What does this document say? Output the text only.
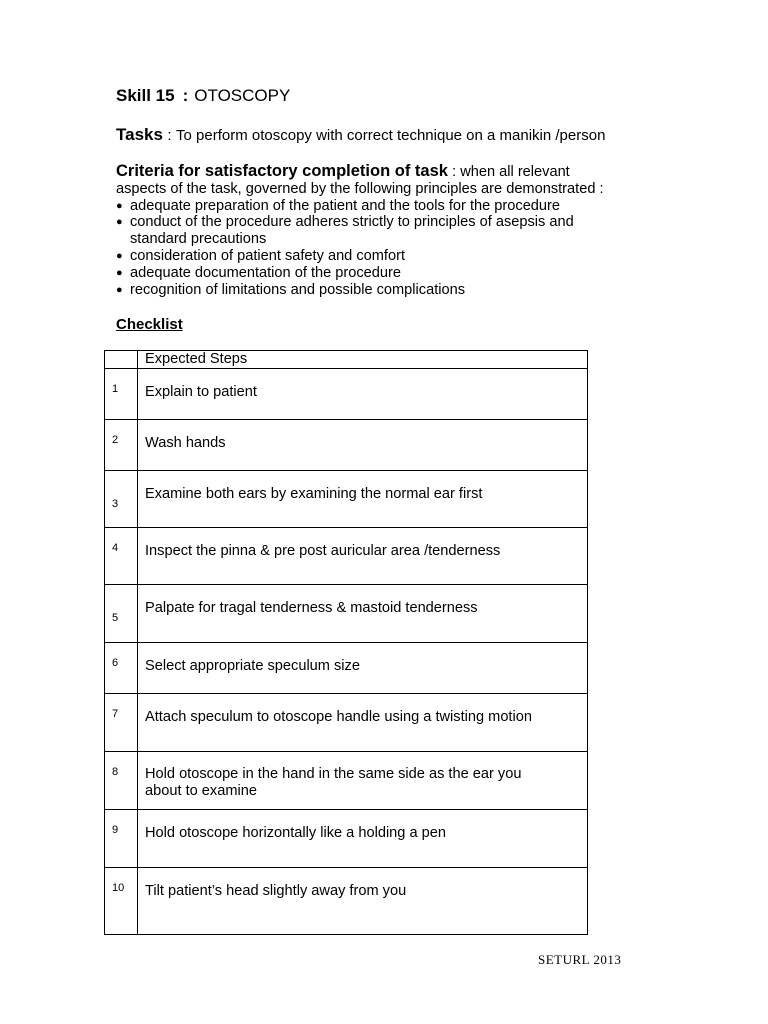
Skill 15 : OTOSCOPY
Tasks : To perform otoscopy with correct technique on a manikin /person
Criteria for satisfactory completion of task : when all relevant
aspects of the task, governed by the following principles are demonstrated :
● adequate preparation of the patient and the tools for the procedure
● conduct of the procedure adheres strictly to principles of asepsis and
standard precautions
● consideration of patient safety and comfort
● adequate documentation of the procedure
● recognition of limitations and possible complications
Checklist
	Expected Steps

1	Explain to patient

2	Wash hands

3	Examine both ears by examining the normal ear first

4	Inspect the pinna & pre post auricular area /tenderness

5	Palpate for tragal tenderness & mastoid tenderness

6	Select appropriate speculum size

7	Attach speculum to otoscope handle using a twisting motion

8	Hold otoscope in the hand in the same side as the ear you
about to examine

9	Hold otoscope horizontally like a holding a pen

10	Tilt patient’s head slightly away from you
SETURL 2013
